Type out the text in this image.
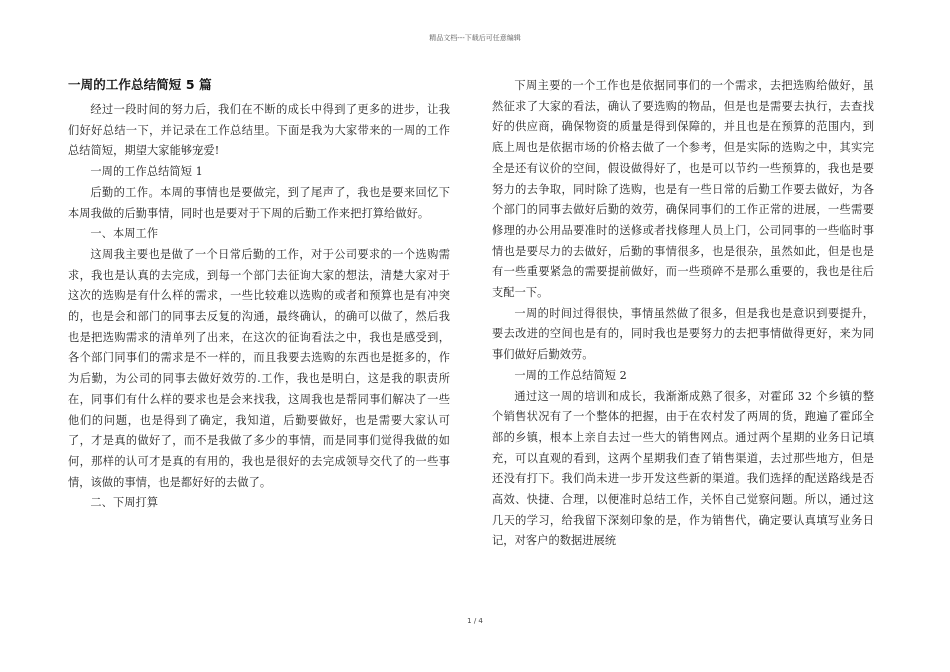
精品文档---下载后可任意编辑
一周的工作总结简短 5 篇

经过一段时间的努力后，我们在不断的成长中得到了更多的进步，让我们好好总结一下，并记录在工作总结里。下面是我为大家带来的一周的工作总结简短，期望大家能够宠爱!

一周的工作总结简短 1

后勤的工作。本周的事情也是要做完，到了尾声了，我也是要来回忆下本周我做的后勤事情，同时也是要对于下周的后勤工作来把打算给做好。

一、本周工作

这周我主要也是做了一个日常后勤的工作，对于公司要求的一个选购需求，我也是认真的去完成，到每一个部门去征询大家的想法，清楚大家对于这次的选购是有什么样的需求，一些比较难以选购的或者和预算也是有冲突的，也是会和部门的同事去反复的沟通，最终确认，的确可以做了，然后我也是把选购需求的清单列了出来，在这次的征询看法之中，我也是感受到，各个部门同事们的需求是不一样的，而且我要去选购的东西也是挺多的，作为后勤，为公司的同事去做好效劳的.工作，我也是明白，这是我的职责所在，同事们有什么样的要求也是会来找我，这周我也是帮同事们解决了一些他们的问题，也是得到了确定，我知道，后勤要做好，也是需要大家认可了，才是真的做好了，而不是我做了多少的事情，而是同事们觉得我做的如何，那样的认可才是真的有用的，我也是很好的去完成领导交代了的一些事情，该做的事情，也是都好好的去做了。

二、下周打算

下周主要的一个工作也是依据同事们的一个需求，去把选购给做好，虽然征求了大家的看法，确认了要选购的物品，但是也是需要去执行，去查找好的供应商，确保物资的质量是得到保障的，并且也是在预算的范围内，到底上周也是依据市场的价格去做了一个参考，但是实际的选购之中，其实完全是还有议价的空间，假设做得好了，也是可以节约一些预算的，我也是要努力的去争取，同时除了选购，也是有一些日常的后勤工作要去做好，为各个部门的同事去做好后勤的效劳，确保同事们的工作正常的进展，一些需要修理的办公用品要准时的送修或者找修理人员上门，公司同事的一些临时事情也是要尽力的去做好，后勤的事情很多，也是很杂，虽然如此，但是也是有一些重要紧急的需要提前做好，而一些琐碎不是那么重要的，我也是往后支配一下。

一周的时间过得很快，事情虽然做了很多，但是我也是意识到要提升，要去改进的空间也是有的，同时我也是要努力的去把事情做得更好，来为同事们做好后勤效劳。

一周的工作总结简短 2

通过这一周的培训和成长，我渐渐成熟了很多，对霍邱 32 个乡镇的整个销售状况有了一个整体的把握，由于在农村发了两周的货，跑遍了霍邱全部的乡镇，根本上亲自去过一些大的销售网点。通过两个星期的业务日记填充，可以直观的看到，这两个星期我们查了销售渠道，去过那些地方，但是还没有打下。我们尚未进一步开发这些新的渠道。我们选择的配送路线是否高效、快捷、合理，以便准时总结工作，关怀自己觉察问题。所以，通过这几天的学习，给我留下深刻印象的是，作为销售代，确定要认真填写业务日记，对客户的数据进展统

1 / 4
